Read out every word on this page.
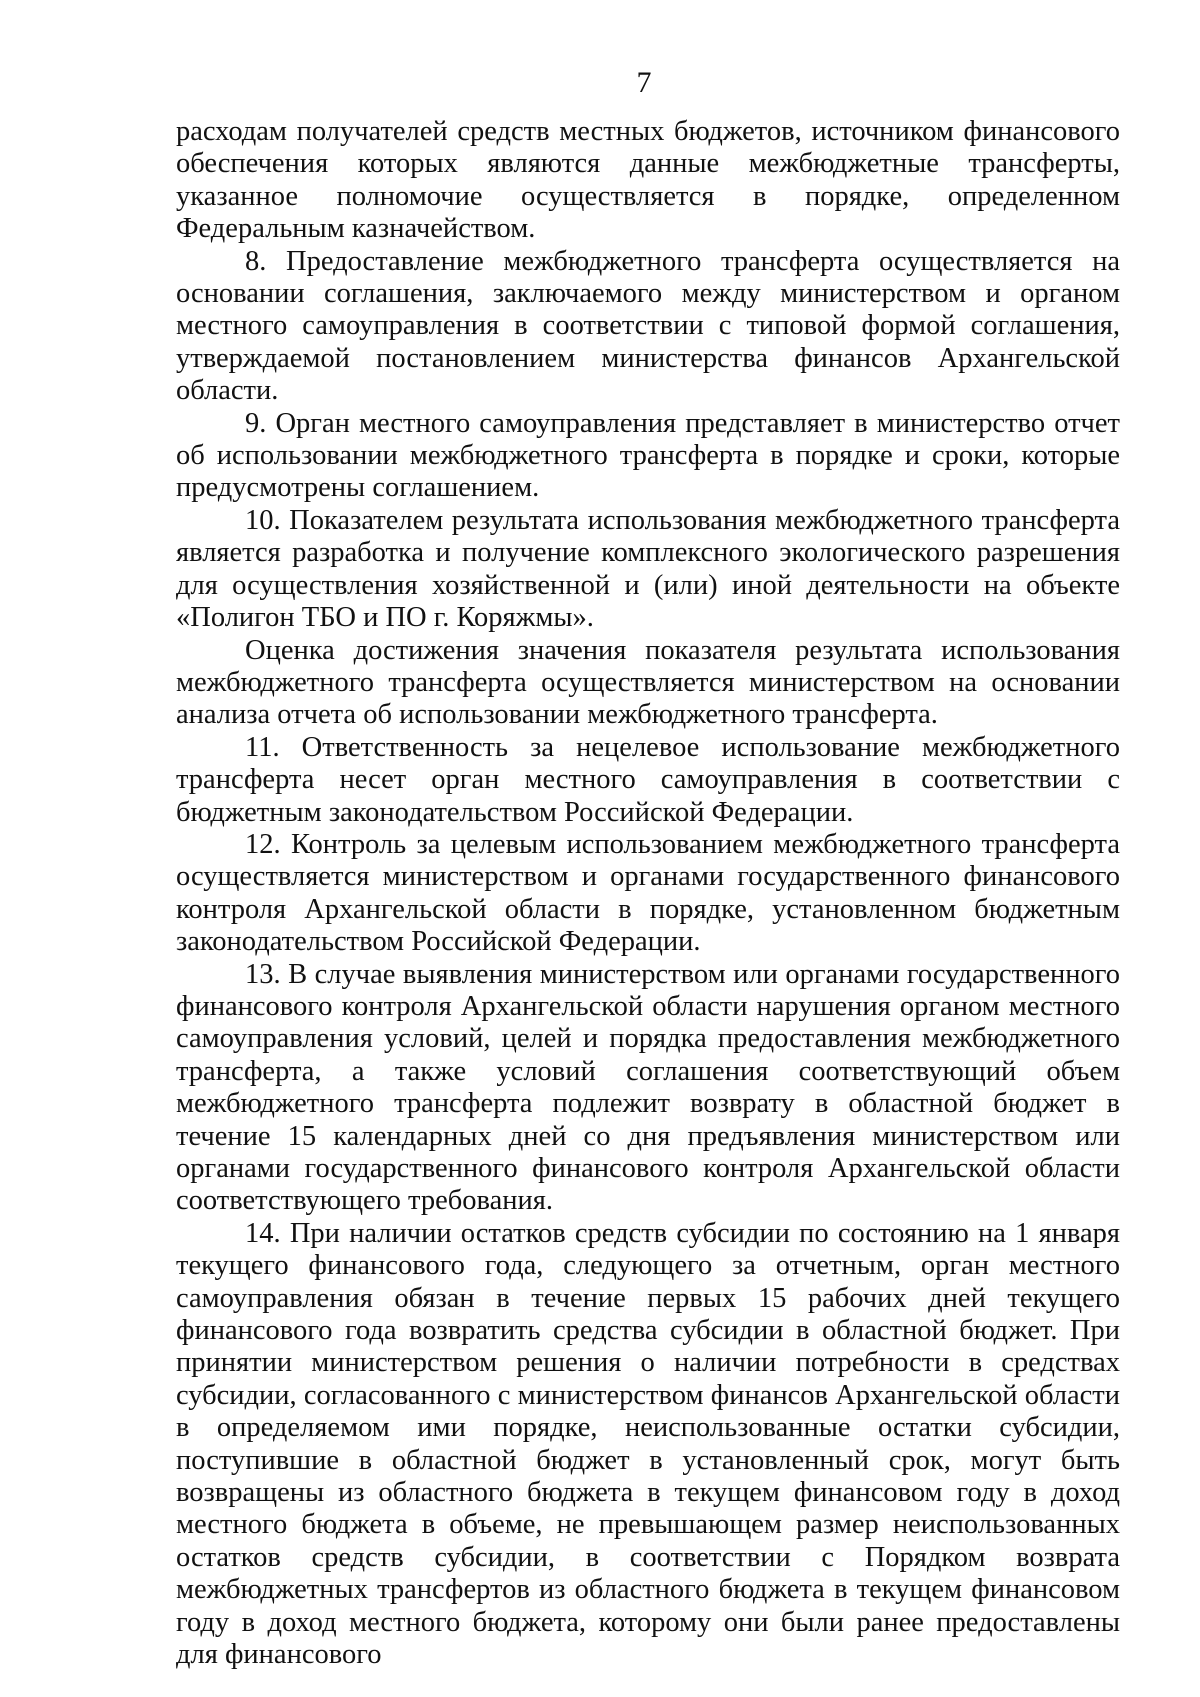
7

расходам получателей средств местных бюджетов, источником финансового обеспечения которых являются данные межбюджетные трансферты, указанное полномочие осуществляется в порядке, определенном Федеральным казначейством.

8. Предоставление межбюджетного трансферта осуществляется на основании соглашения, заключаемого между министерством и органом местного самоуправления в соответствии с типовой формой соглашения, утверждаемой постановлением министерства финансов Архангельской области.

9. Орган местного самоуправления представляет в министерство отчет об использовании межбюджетного трансферта в порядке и сроки, которые предусмотрены соглашением.

10. Показателем результата использования межбюджетного трансферта является разработка и получение комплексного экологического разрешения для осуществления хозяйственной и (или) иной деятельности на объекте «Полигон ТБО и ПО г. Коряжмы».

Оценка достижения значения показателя результата использования межбюджетного трансферта осуществляется министерством на основании анализа отчета об использовании межбюджетного трансферта.

11. Ответственность за нецелевое использование межбюджетного трансферта несет орган местного самоуправления в соответствии с бюджетным законодательством Российской Федерации.

12. Контроль за целевым использованием межбюджетного трансферта осуществляется министерством и органами государственного финансового контроля Архангельской области в порядке, установленном бюджетным законодательством Российской Федерации.

13. В случае выявления министерством или органами государственного финансового контроля Архангельской области нарушения органом местного самоуправления условий, целей и порядка предоставления межбюджетного трансферта, а также условий соглашения соответствующий объем межбюджетного трансферта подлежит возврату в областной бюджет в течение 15 календарных дней со дня предъявления министерством или органами государственного финансового контроля Архангельской области соответствующего требования.

14. При наличии остатков средств субсидии по состоянию на 1 января текущего финансового года, следующего за отчетным, орган местного самоуправления обязан в течение первых 15 рабочих дней текущего финансового года возвратить средства субсидии в областной бюджет. При принятии министерством решения о наличии потребности в средствах субсидии, согласованного с министерством финансов Архангельской области в определяемом ими порядке, неиспользованные остатки субсидии, поступившие в областной бюджет в установленный срок, могут быть возвращены из областного бюджета в текущем финансовом году в доход местного бюджета в объеме, не превышающем размер неиспользованных остатков средств субсидии, в соответствии с Порядком возврата межбюджетных трансфертов из областного бюджета в текущем финансовом году в доход местного бюджета, которому они были ранее предоставлены для финансового
